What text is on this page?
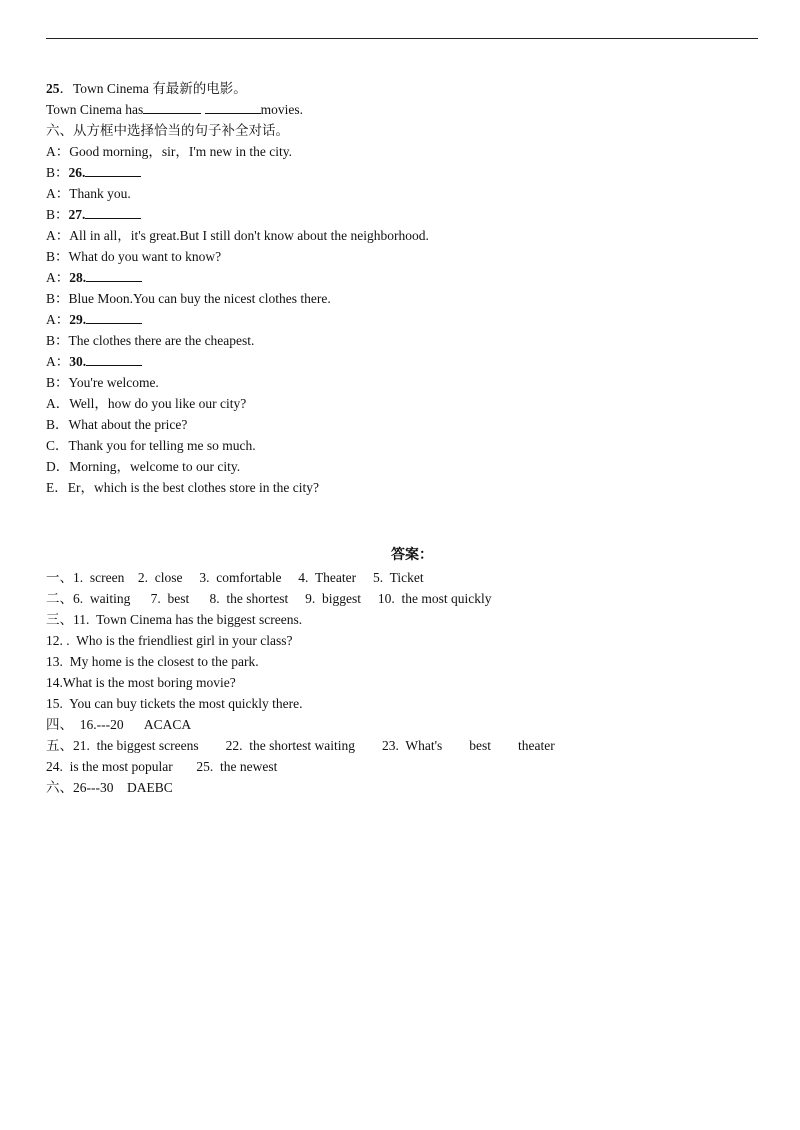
25．Town Cinema 有最新的电影。
Town Cinema has	movies.
六、从方框中选择恰当的句子补全对话。
A：Good morning，sir，I'm new in the city.
B：26.
A：Thank you.
B：27.
A：All in all，it's great.But I still don't know about the neighborhood.
B：What do you want to know?
A：28.
B：Blue Moon.You can buy the nicest clothes there.
A：29.
B：The clothes there are the cheapest.
A：30.
B：You're welcome.
A．Well，how do you like our city?
B．What about the price?
C．Thank you for telling me so much.
D．Morning，welcome to our city.
E．Er，which is the best clothes store in the city?
答案：
一、1.  screen    2.  close     3.  comfortable     4.  Theater     5.  Ticket
二、6.  waiting      7.  best      8.  the shortest     9.  biggest     10.  the most quickly
三、11.  Town Cinema has the biggest screens.
12. .  Who is the friendliest girl in your class?
13.  My home is the closest to the park.
14.What is the most boring movie?
15.  You can buy tickets the most quickly there.
四、  16.---20      ACACA
五、21.  the biggest screens        22.  the shortest waiting        23.  What's        best        theater
24.  is the most popular       25.  the newest
六、26---30    DAEBC
